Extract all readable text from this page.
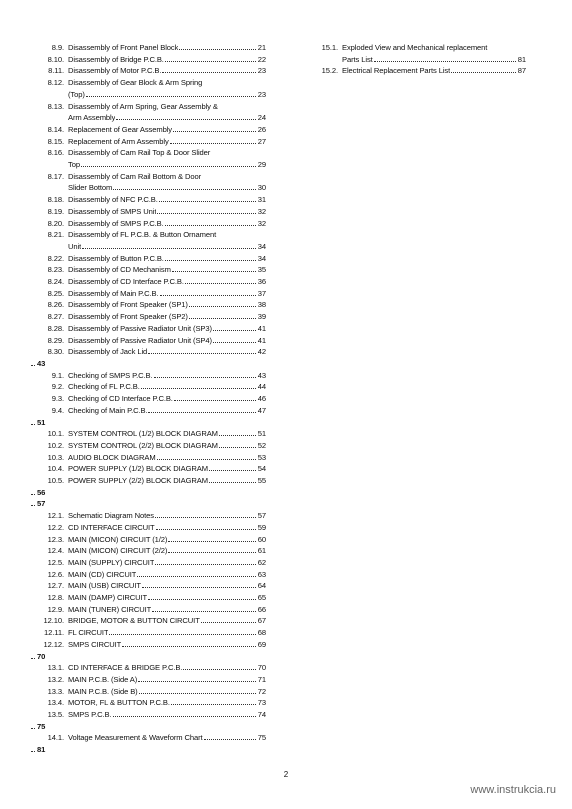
8.9. Disassembly of Front Panel Block	21
8.10. Disassembly of Bridge P.C.B.	22
8.11. Disassembly of Motor P.C.B.	23
8.12. Disassembly of Gear Block & Arm Spring
(Top)	23
8.13. Disassembly of Arm Spring, Gear Assembly &
Arm Assembly	24
8.14. Replacement of Gear Assembly	26
8.15. Replacement of Arm Assembly	27
8.16. Disassembly of Cam Rail Top & Door Slider
Top	29
8.17. Disassembly of Cam Rail Bottom & Door
Slider Bottom	30
8.18. Disassembly of NFC P.C.B.	31
8.19. Disassembly of SMPS Unit	32
8.20. Disassembly of SMPS P.C.B.	32
8.21. Disassembly of FL P.C.B. & Button Ornament
Unit	34
8.22. Disassembly of Button P.C.B.	34
8.23. Disassembly of CD Mechanism	35
8.24. Disassembly of CD Interface P.C.B.	36
8.25. Disassembly of Main P.C.B.	37
8.26. Disassembly of Front Speaker (SP1)	38
8.27. Disassembly of Front Speaker (SP2)	39
8.28. Disassembly of Passive Radiator Unit (SP3)	41
8.29. Disassembly of Passive Radiator Unit (SP4)	41
8.30. Disassembly of Jack Lid	42
43
9.1. Checking of SMPS P.C.B.	43
9.2. Checking of FL P.C.B.	44
9.3. Checking of CD Interface P.C.B.	46
9.4. Checking of Main P.C.B.	47
51
10.1. SYSTEM CONTROL (1/2) BLOCK DIAGRAM	51
10.2. SYSTEM CONTROL (2/2) BLOCK DIAGRAM	52
10.3. AUDIO BLOCK DIAGRAM	53
10.4. POWER SUPPLY (1/2) BLOCK DIAGRAM	54
10.5. POWER SUPPLY (2/2) BLOCK DIAGRAM	55
56
57
12.1. Schematic Diagram Notes	57
12.2. CD INTERFACE CIRCUIT	59
12.3. MAIN (MICON) CIRCUIT (1/2)	60
12.4. MAIN (MICON) CIRCUIT (2/2)	61
12.5. MAIN (SUPPLY) CIRCUIT	62
12.6. MAIN (CD) CIRCUIT	63
12.7. MAIN (USB) CIRCUIT	64
12.8. MAIN (DAMP) CIRCUIT	65
12.9. MAIN (TUNER) CIRCUIT	66
12.10. BRIDGE, MOTOR & BUTTON CIRCUIT	67
12.11. FL CIRCUIT	68
12.12. SMPS CIRCUIT	69
70
13.1. CD INTERFACE & BRIDGE P.C.B.	70
13.2. MAIN P.C.B. (Side A)	71
13.3. MAIN P.C.B. (Side B)	72
13.4. MOTOR, FL & BUTTON P.C.B.	73
13.5. SMPS P.C.B.	74
75
14.1. Voltage Measurement & Waveform Chart	75
81
15.1. Exploded View and Mechanical replacement
Parts List	81
15.2. Electrical Replacement Parts List	87
2
www.instrukcia.ru
